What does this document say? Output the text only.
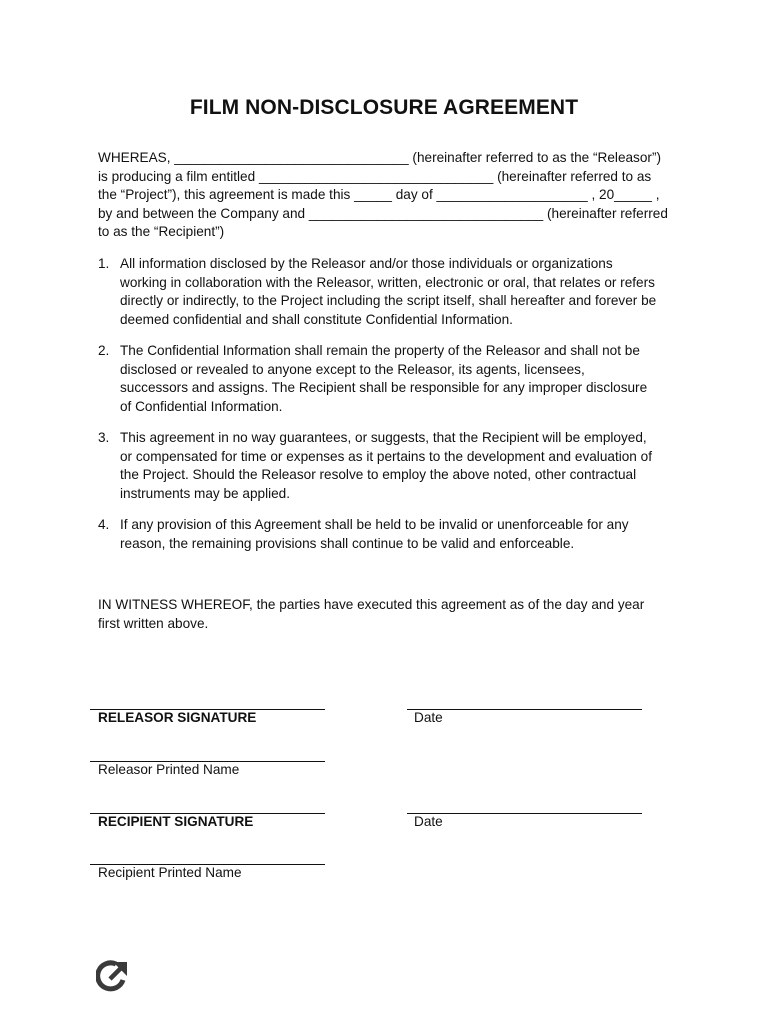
FILM NON-DISCLOSURE AGREEMENT
WHEREAS, _______________________________ (hereinafter referred to as the “Releasor”)
is producing a film entitled _______________________________ (hereinafter referred to as
the “Project”), this agreement is made this _____ day of ____________________ , 20_____ ,
by and between the Company and _______________________________ (hereinafter referred
to as the “Recipient”)
1. All information disclosed by the Releasor and/or those individuals or organizations
working in collaboration with the Releasor, written, electronic or oral, that relates or refers
directly or indirectly, to the Project including the script itself, shall hereafter and forever be
deemed confidential and shall constitute Confidential Information.
2. The Confidential Information shall remain the property of the Releasor and shall not be
disclosed or revealed to anyone except to the Releasor, its agents, licensees,
successors and assigns. The Recipient shall be responsible for any improper disclosure
of Confidential Information.
3. This agreement in no way guarantees, or suggests, that the Recipient will be employed,
or compensated for time or expenses as it pertains to the development and evaluation of
the Project. Should the Releasor resolve to employ the above noted, other contractual
instruments may be applied.
4. If any provision of this Agreement shall be held to be invalid or unenforceable for any
reason, the remaining provisions shall continue to be valid and enforceable.
IN WITNESS WHEREOF, the parties have executed this agreement as of the day and year
first written above.
RELEASOR SIGNATURE	Date
Releasor Printed Name
RECIPIENT SIGNATURE	Date
Recipient Printed Name
